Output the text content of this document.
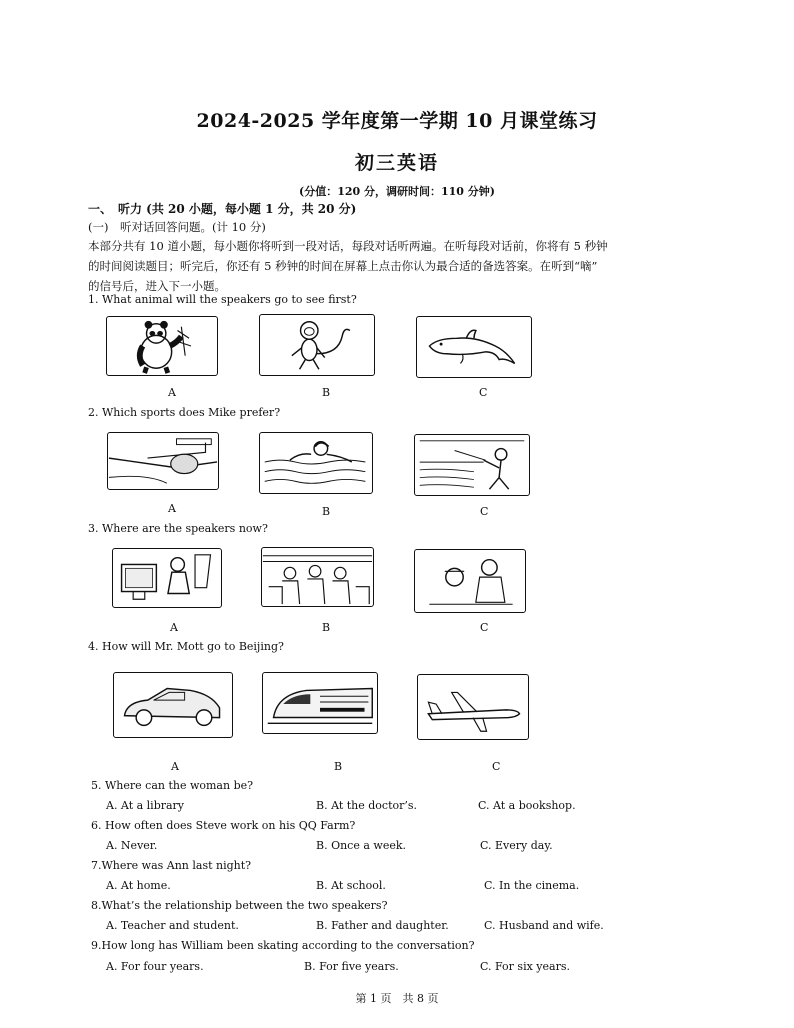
2024-2025 学年度第一学期 10 月课堂练习
初三英语
(分值：120 分，调研时间：110 分钟)
一、　听力 (共 20 小题，每小题 1 分，共 20 分)
(一)　听对话回答问题。(计 10 分)
本部分共有 10 道小题，每小题你将听到一段对话，每段对话听两遍。在听每段对话前，你将有 5 秒钟
的时间阅读题目；听完后，你还有 5 秒钟的时间在屏幕上点击你认为最合适的备选答案。在听到“嘀”
的信号后，进入下一小题。
1. What animal will the speakers go to see first?
A	B	C
2. Which sports does Mike prefer?
A	B	C
3. Where are the speakers now?
A	B	C
4. How will Mr. Mott go to Beijing?
A	B	C
5. Where can the woman be?
A. At a library	B. At the doctor’s.	C. At a bookshop.
6. How often does Steve work on his QQ Farm?
A. Never.	B. Once a week.	C. Every day.
7.Where was Ann last night?
A. At home.	B. At school.	C. In the cinema.
8.What’s the relationship between the two speakers?
A. Teacher and student.	B. Father and daughter.	C. Husband and wife.
9.How long has William been skating according to the conversation?
A. For four years.	B. For five years.	C. For six years.
第 1 页　共 8 页
